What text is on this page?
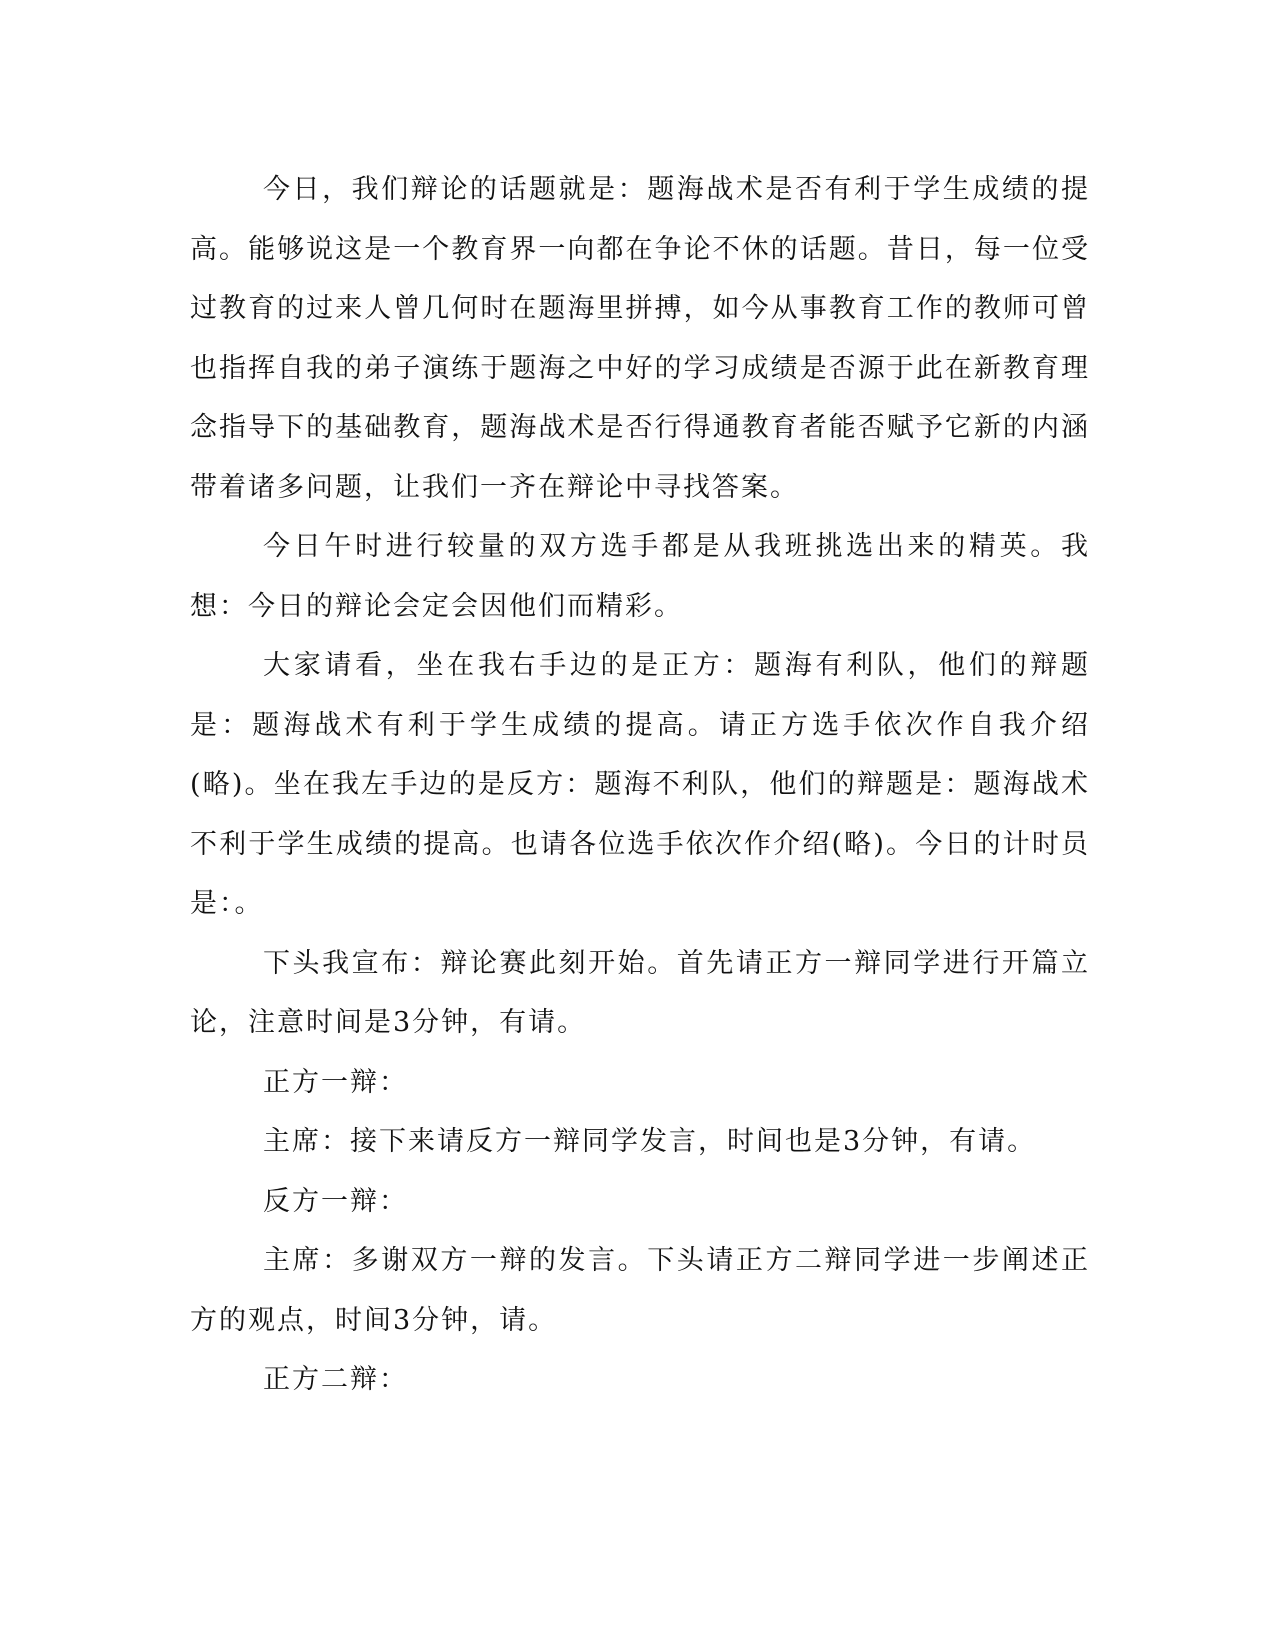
今日，我们辩论的话题就是：题海战术是否有利于学生成绩的提高。能够说这是一个教育界一向都在争论不休的话题。昔日，每一位受过教育的过来人曾几何时在题海里拼搏，如今从事教育工作的教师可曾也指挥自我的弟子演练于题海之中好的学习成绩是否源于此在新教育理念指导下的基础教育，题海战术是否行得通教育者能否赋予它新的内涵带着诸多问题，让我们一齐在辩论中寻找答案。

今日午时进行较量的双方选手都是从我班挑选出来的精英。我想：今日的辩论会定会因他们而精彩。

大家请看，坐在我右手边的是正方：题海有利队，他们的辩题是：题海战术有利于学生成绩的提高。请正方选手依次作自我介绍(略)。坐在我左手边的是反方：题海不利队，他们的辩题是：题海战术不利于学生成绩的提高。也请各位选手依次作介绍(略)。今日的计时员是：。

下头我宣布：辩论赛此刻开始。首先请正方一辩同学进行开篇立论，注意时间是3分钟，有请。

正方一辩：

主席：接下来请反方一辩同学发言，时间也是3分钟，有请。

反方一辩：

主席：多谢双方一辩的发言。下头请正方二辩同学进一步阐述正方的观点，时间3分钟，请。

正方二辩：
